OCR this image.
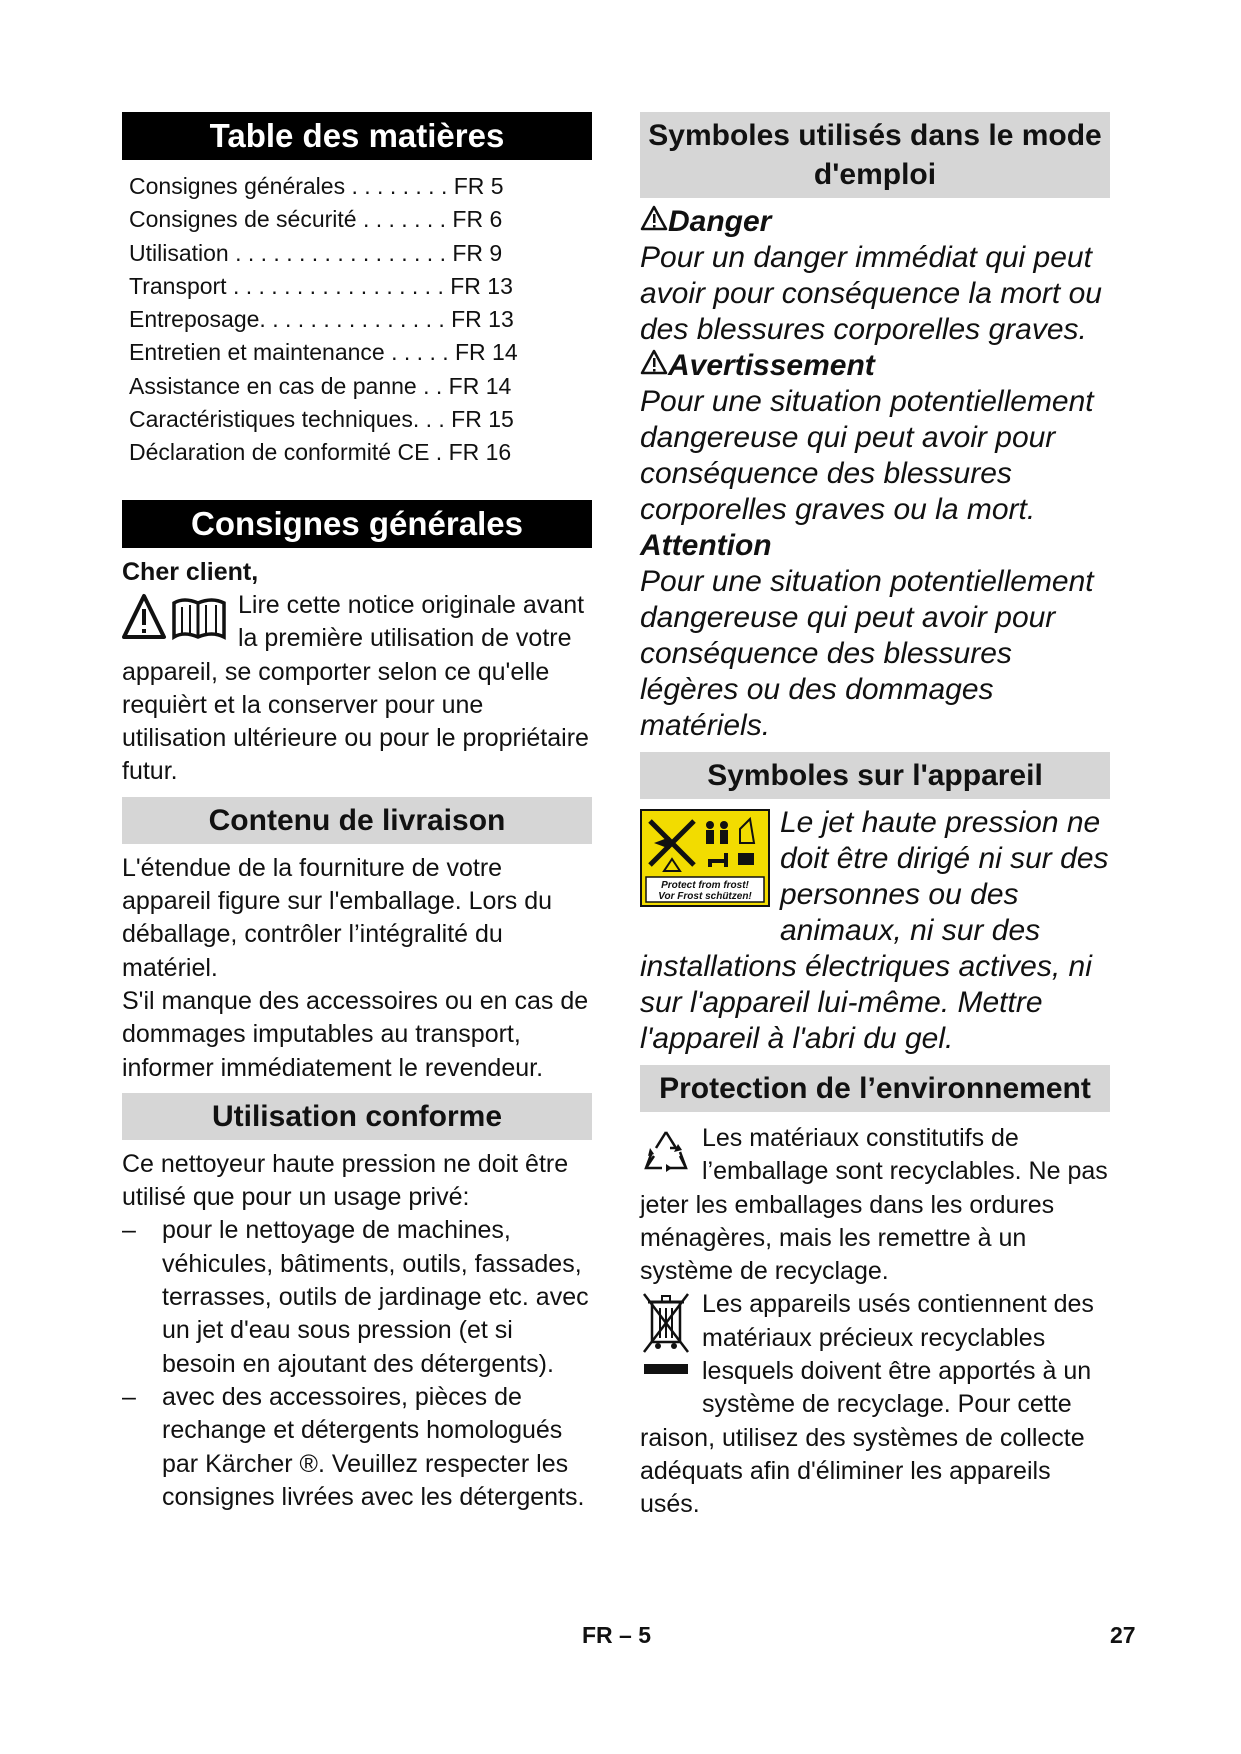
Table des matières
Consignes générales . . . . . . . . FR 5
Consignes de sécurité . . . . . . . FR 6
Utilisation . . . . . . . . . . . . . . . . . FR 9
Transport . . . . . . . . . . . . . . . . . FR 13
Entreposage. . . . . . . . . . . . . . . FR 13
Entretien et maintenance . . . . . FR 14
Assistance en cas de panne . . FR 14
Caractéristiques techniques. . . FR 15
Déclaration de conformité CE . FR 16
Consignes générales
Cher client,
Lire cette notice originale avant la première utilisation de votre appareil, se comporter selon ce qu'elle requièrt et la conserver pour une utilisation ultérieure ou pour le propriétaire futur.
Contenu de livraison
L'étendue de la fourniture de votre appareil figure sur l'emballage. Lors du déballage, contrôler l’intégralité du matériel.
S'il manque des accessoires ou en cas de dommages imputables au transport, informer immédiatement le revendeur.
Utilisation conforme
Ce nettoyeur haute pression ne doit être utilisé que pour un usage privé:
– pour le nettoyage de machines, véhicules, bâtiments, outils, fassades, terrasses, outils de jardinage etc. avec un jet d'eau sous pression (et si besoin en ajoutant des détergents).
– avec des accessoires, pièces de rechange et détergents homologués par Kärcher ®. Veuillez respecter les consignes livrées avec les détergents.
Symboles utilisés dans le mode d'emploi
Danger
Pour un danger immédiat qui peut avoir pour conséquence la mort ou des blessures corporelles graves.
Avertissement
Pour une situation potentiellement dangereuse qui peut avoir pour conséquence des blessures corporelles graves ou la mort.
Attention
Pour une situation potentiellement dangereuse qui peut avoir pour conséquence des blessures légères ou des dommages matériels.
Symboles sur l'appareil
Protect from frost!
Vor Frost schützen!
Le jet haute pression ne doit être dirigé ni sur des personnes ou des animaux, ni sur des installations électriques actives, ni sur l'appareil lui-même. Mettre l'appareil à l'abri du gel.
Protection de l’environnement
Les matériaux constitutifs de l’emballage sont recyclables. Ne pas jeter les emballages dans les ordures ménagères, mais les remettre à un système de recyclage.
Les appareils usés contiennent des matériaux précieux recyclables lesquels doivent être apportés à un système de recyclage. Pour cette raison, utilisez des systèmes de collecte adéquats afin d'éliminer les appareils usés.
FR – 5	27
